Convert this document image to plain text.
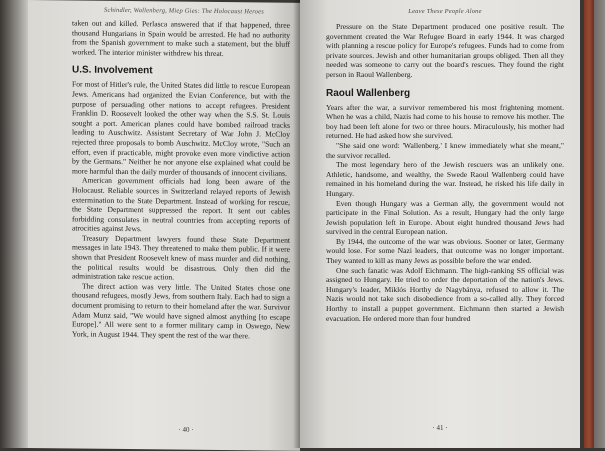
Schindler, Wallenberg, Miep Gies: The Holocaust Heroes

taken out and killed. Perlasca answered that if that happened, three thousand Hungarians in Spain would be arrested. He had no authority from the Spanish government to make such a statement, but the bluff worked. The interior minister withdrew his threat.

U.S. Involvement

For most of Hitler's rule, the United States did little to rescue European Jews. Americans had organized the Evian Conference, but with the purpose of persuading other nations to accept refugees. President Franklin D. Roosevelt looked the other way when the S.S. St. Louis sought a port. American planes could have bombed railroad tracks leading to Auschwitz. Assistant Secretary of War John J. McCloy rejected three proposals to bomb Auschwitz. McCloy wrote, "Such an effort, even if practicable, might provoke even more vindictive action by the Germans." Neither he nor anyone else explained what could be more harmful than the daily murder of thousands of innocent civilians.

American government officials had long been aware of the Holocaust. Reliable sources in Switzerland relayed reports of Jewish extermination to the State Department. Instead of working for rescue, the State Department suppressed the report. It sent out cables forbidding consulates in neutral countries from accepting reports of atrocities against Jews.

Treasury Department lawyers found these State Department messages in late 1943. They threatened to make them public. If it were shown that President Roosevelt knew of mass murder and did nothing, the political results would be disastrous. Only then did the administration take rescue action.

The direct action was very little. The United States chose one thousand refugees, mostly Jews, from southern Italy. Each had to sign a document promising to return to their homeland after the war. Survivor Adam Munz said, "We would have signed almost anything [to escape Europe]." All were sent to a former military camp in Oswego, New York, in August 1944. They spent the rest of the war there.

· 40 ·
Leave These People Alone

Pressure on the State Department produced one positive result. The government created the War Refugee Board in early 1944. It was charged with planning a rescue policy for Europe's refugees. Funds had to come from private sources. Jewish and other humanitarian groups obliged. Then all they needed was someone to carry out the board's rescues. They found the right person in Raoul Wallenberg.

Raoul Wallenberg

Years after the war, a survivor remembered his most frightening moment. When he was a child, Nazis had come to his house to remove his mother. The boy had been left alone for two or three hours. Miraculously, his mother had returned. He had asked how she survived.

"She said one word: 'Wallenberg.' I knew immediately what she meant," the survivor recalled.

The most legendary hero of the Jewish rescuers was an unlikely one. Athletic, handsome, and wealthy, the Swede Raoul Wallenberg could have remained in his homeland during the war. Instead, he risked his life daily in Hungary.

Even though Hungary was a German ally, the government would not participate in the Final Solution. As a result, Hungary had the only large Jewish population left in Europe. About eight hundred thousand Jews had survived in the central European nation.

By 1944, the outcome of the war was obvious. Sooner or later, Germany would lose. For some Nazi leaders, that outcome was no longer important. They wanted to kill as many Jews as possible before the war ended.

One such fanatic was Adolf Eichmann. The high-ranking SS official was assigned to Hungary. He tried to order the deportation of the nation's Jews. Hungary's leader, Miklós Horthy de Nagybánya, refused to allow it. The Nazis would not take such disobedience from a so-called ally. They forced Horthy to install a puppet government. Eichmann then started a Jewish evacuation. He ordered more than four hundred

· 41 ·
